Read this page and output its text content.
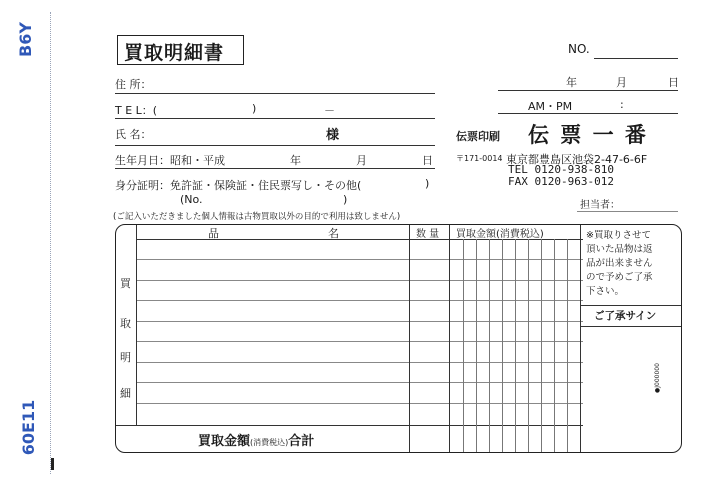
B6Y
60E11
買取明細書	NO.
年	月	日
AM・PM	:
住 所：
T E L：(	)	－
氏 名：	様
生年月日：昭和・平成	年	月	日
身分証明：免許証・保険証・住民票写し・その他(	)
(No.	)
(ご記入いただきました個人情報は古物買取以外の目的で利用は致しません)
伝票印刷 伝 票 一 番
〒171-0014 東京都豊島区池袋2-47-6-6F
TEL 0120-938-810
FAX 0120-963-012
担当者：
品	名	数 量 買取金額(消費税込)
買
取
明
細
買取金額(消費税込)合計
※買取りさせて
頂いた品物は返
品が出来ません
ので予めご了承
下さい。
ご了承サイン
●J000000
